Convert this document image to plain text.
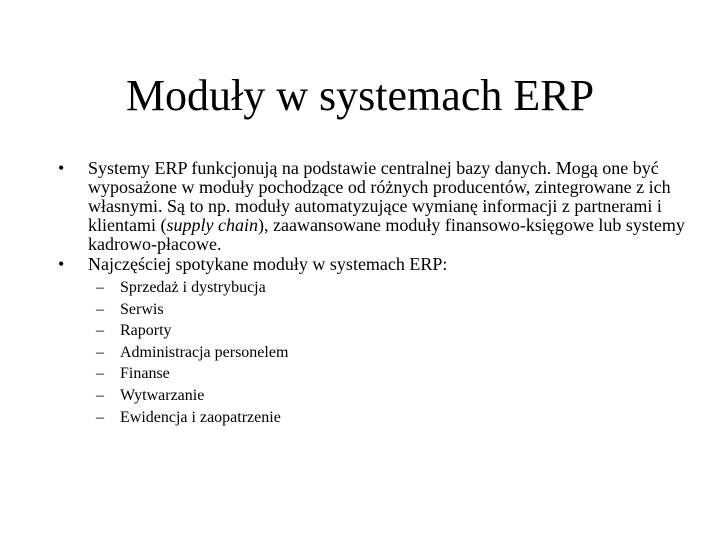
Moduły w systemach ERP

• Systemy ERP funkcjonują na podstawie centralnej bazy danych. Mogą one być wyposażone w moduły pochodzące od różnych producentów, zintegrowane z ich własnymi. Są to np. moduły automatyzujące wymianę informacji z partnerami i klientami (supply chain), zaawansowane moduły finansowo-księgowe lub systemy kadrowo-płacowe.

• Najczęściej spotykane moduły w systemach ERP:

– Sprzedaż i dystrybucja
– Serwis
– Raporty
– Administracja personelem
– Finanse
– Wytwarzanie
– Ewidencja i zaopatrzenie
